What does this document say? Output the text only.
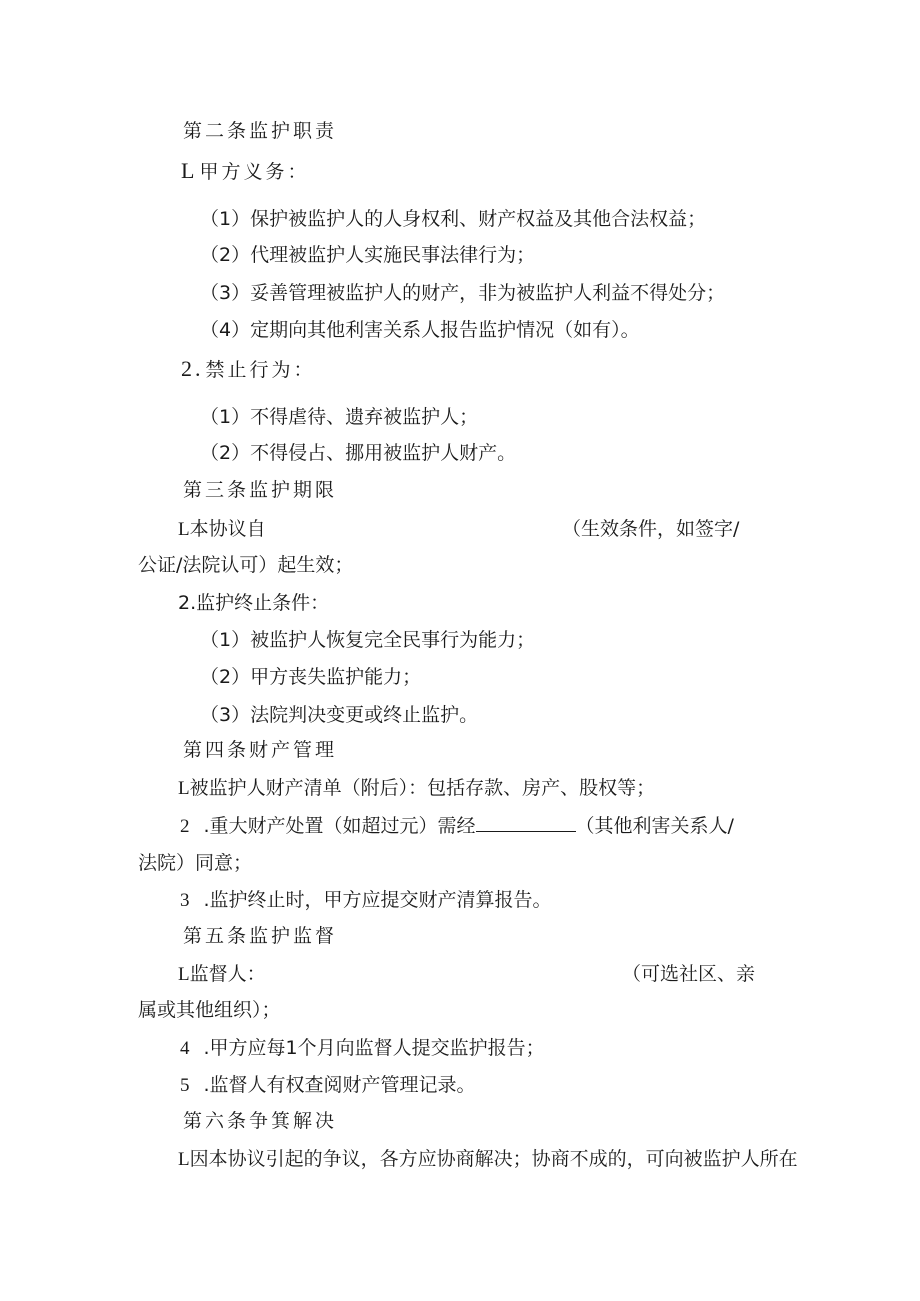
第二条监护职责
L 甲方义务：
（1）保护被监护人的人身权利、财产权益及其他合法权益；
（2）代理被监护人实施民事法律行为；
（3）妥善管理被监护人的财产，非为被监护人利益不得处分；
（4）定期向其他利害关系人报告监护情况（如有）。
2. 禁止行为：
（1）不得虐待、遗弃被监护人；
（2）不得侵占、挪用被监护人财产。
第三条监护期限
L本协议自	（生效条件，如签字/
公证/法院认可）起生效；
2.监护终止条件：
（1）被监护人恢复完全民事行为能力；
（2）甲方丧失监护能力；
（3）法院判决变更或终止监护。
第四条财产管理
L被监护人财产清单（附后）：包括存款、房产、股权等；
2 .重大财产处置（如超过元）需经	（其他利害关系人/
法院）同意；
3 .监护终止时，甲方应提交财产清算报告。
第五条监护监督
L监督人：	（可选社区、亲
属或其他组织）；
4 .甲方应每1个月向监督人提交监护报告；
5 .监督人有权查阅财产管理记录。
第六条争箕解决
L因本协议引起的争议，各方应协商解决；协商不成的，可向被监护人所在
